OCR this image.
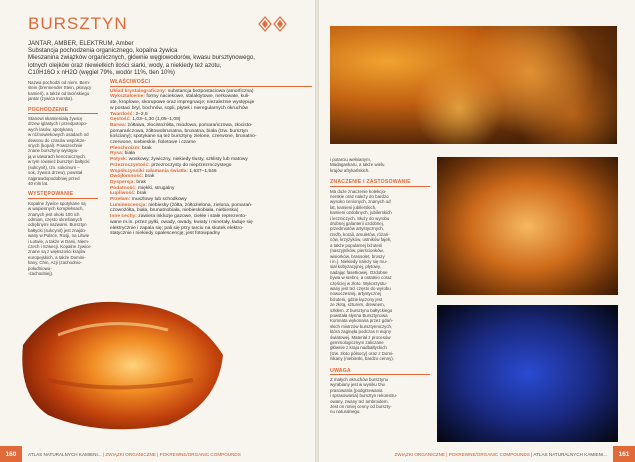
BURSZTYN
JANTAR, AMBER, ELEKTRUM, Amber
Substancja pochodzenia organicznego, kopalna żywica
Mieszanina związków organicznych, głównie węglowodorów, kwasu bursztynowego,
lotnych olejków oraz niewielkich ilości siarki, wody, a niekiedy też azotu,
C10H16O x nH2O (węgiel 79%, wodór 11%, tlen 10%)
Nazwa pochodzi od niem. Bern-
stein (brennender Stein, płonący
kamień), a także od łacińskiego
jantar (żywica morska).
POCHODZENIE
Stanowi skamieniałą żywicę
drzew iglastych i przedpotopo-
wych lasów, spotykaną
w różnowiekowych osadach od
dewonu do czasów współcze-
snych (kopal). Powszechnie
znane bursztyny występu-
ją w utworach kenozoicznych,
w tym również bursztyn bałtycki
(sukcynit), tzn. sukcinum –
sok, żywica drzew), powstał
najprawdopodobniej przed
40 mln lat.
WYSTĘPOWANIE
Kopalne żywice spotykane są
w wapiennych kompleksach,
znanych jest około 100 ich
odmian, często określanych
odrębnymi nazwami. Bursztyn
bałtycki (sukcynit) jest znajdo-
wany w Polsce, Rosji, na Litwie
i Łotwie, a także w Danii, Niem-
czech i Szwecji. Kopalne żywice
znane są z większości krajów
europejskich, a także Domini-
kany, Chin, Azji (zachodnio-
południowo-
-zachodniej).
WŁAŚCIWOŚCI
Układ krystalograficzny: substancja bezpostaciowa (amorficzna)
Wykształcenie: formy naciekowe, stalaktytowe, nerkowate, kuli-
ste, kroplowe, skorupowe oraz impregnacje; niezależnie występuje
w postaci bryl, bochnów, sopli, płytek i nieregularnych okruchów
Twardość: 2–2,5
Gęstość: 1,03–1,30 (1,05–1,09)
Barwa: żółtawa, złocistożółta, miodowa, pomarańczowa, złocisto-
pomarańczowa, żółtowobrunatna, brunatna, biała (tzw. bursztyn
kościany); spotykane są też bursztyny zielone, czerwone, brunatno-
czerwone, niebieskie, fioletowe i czarne
Pleochroizm: brak
Rysa: biała
Połysk: woskowy, żywiczny, niekiedy tłusty, szklisty lub matowy
Przezroczystość: przezroczysty do nieprzezroczystego
Współczynniki załamania światła: 1,537–1,545
Dwójłomność: brak
Dyspersja: brak
Podatność: miękki, strugalny
Łupliwość: brak
Przełam: muszlowy lub schodkowy
Luminescencja: niebiesky (żółta, żółtozielona, zielona, pomarań-
czowożółta, biała, brunatnobiała, niebieskobiała, niebieska)
Inne cechy: zawiera inkluzje gazowe, ciekłe i stałe reprezento-
wane m.in. przez pyłki, owady, owady, kwiaty i minerały, ładuje się
elektrycznie i zapala się; pali się przy tarciu na skutek elektro-
statycznie i niekiedy opalescencję; jest fotowpadny
i potarciu wełnianym,
Madagaskaru, a także wielu
krajów afrykańskich.
ZNACZENIE I ZASTOSOWANIE
Ma duże znaczenie kolekcjo-
nerskie oraz należy do bardzo
wysoko cenionych, znanych od
lat, kamieni jubilerskich,
kamieni ozdobnych, jubilerskich
i leczniczych. Służy do wyrobu
drobnej galanterii ozdobnej,
przedmiotów artystycznych,
rzeźb, korali, amuletów, różań-
ców, krzyżyków, ustników fajek,
a także popularnej biżuterii
(naszyjników, pierścionków,
wisiorków, bransolet, broszy
i in.). Niekiedy należy się mu-
siał kobyzacyjnej, płytowy,
nadając fasetkowej. Ozdobne
bywa w srebro, a ostatnio coraz
częściej w złoto. Wykorzystu-
wany jest też często do wyrobu
nowoczesnej, artystycznej
biżuterii, gdzie łączony jest
ze złotą, szturem, drewnem,
szkłem. Z bursztynu bałtyckiego
powstała słynna Bursztynowa
Komnata wykonana przez gdań-
skich mistrzów bursztynniczych,
która zaginęła podczas II wojny
światowej. Materiał z procesów
gemmologicznym zaliczane
głównie z kraju nadbałtyckich
(tzw. złoto północy) oraz z Domi-
nikany (niebieski, bardzo cenny).
UWAGA
Z małych okruchów bursztynu
wyrabiany jest w wyniku tzw.
prasowania (podgrzewania
i sprasowania) bursztyn rekonstru-
owany, zwany też ambroidem.
Jest on mniej cenny od burszty-
nu naturalnego.
160	ATLAS NATURALNYCH KAMIENI... | ZWIĄZKI ORGANICZNE | POKREWNE/ORGANIC COMPOUNDS	ZWIĄZKI ORGANICZNE | POKREWNE/ORGANIC COMPOUNDS | ATLAS NATURALNYCH KAMIENI...	161
